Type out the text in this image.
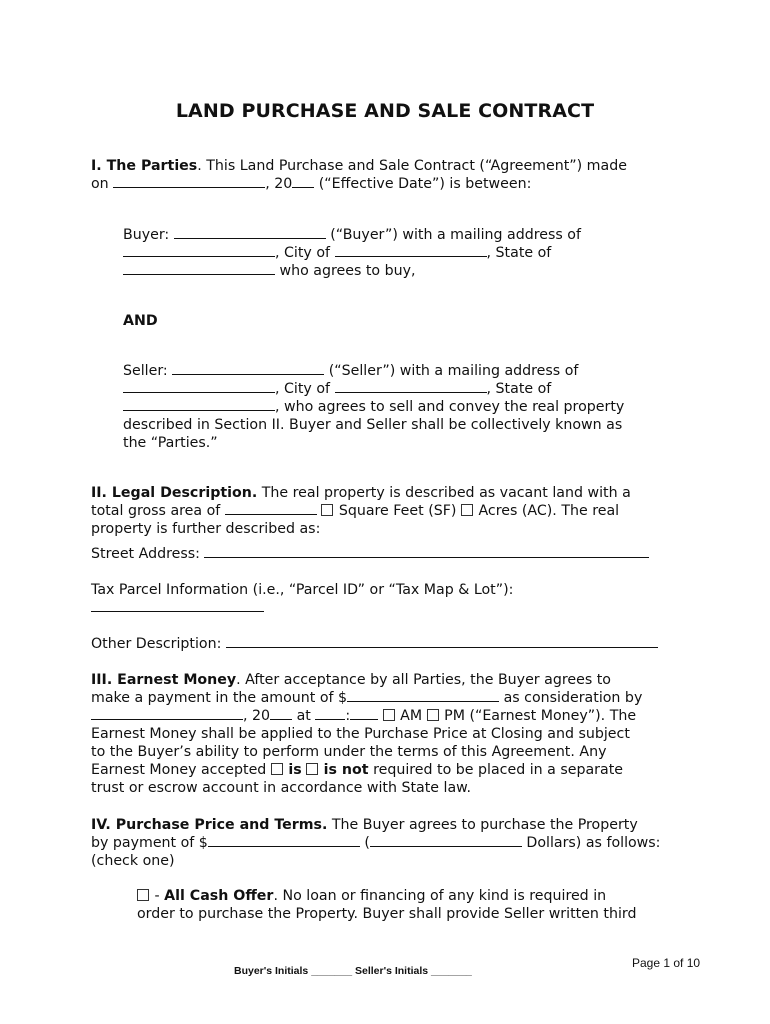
LAND PURCHASE AND SALE CONTRACT
I. The Parties. This Land Purchase and Sale Contract (“Agreement”) made
on	, 20 (“Effective Date”) is between:
Buyer:	(“Buyer”) with a mailing address of
, City of	, State of
who agrees to buy,
AND
Seller:	(“Seller”) with a mailing address of
, City of	, State of
, who agrees to sell and convey the real property
described in Section II. Buyer and Seller shall be collectively known as
the “Parties.”
II. Legal Description. The real property is described as vacant land with a
total gross area of	Square Feet (SF)  Acres (AC). The real
property is further described as:
Street Address:
Tax Parcel Information (i.e., “Parcel ID” or “Tax Map & Lot”):
Other Description:
III. Earnest Money. After acceptance by all Parties, the Buyer agrees to
make a payment in the amount of $	as consideration by
, 20 at :	AM  PM (“Earnest Money”). The
Earnest Money shall be applied to the Purchase Price at Closing and subject
to the Buyer’s ability to perform under the terms of this Agreement. Any
Earnest Money accepted  is is not required to be placed in a separate
trust or escrow account in accordance with State law.
IV. Purchase Price and Terms. The Buyer agrees to purchase the Property
by payment of $	(	Dollars) as follows:
(check one)
- All Cash Offer. No loan or financing of any kind is required in
order to purchase the Property. Buyer shall provide Seller written third
Page 1 of 10
Buyer's Initials _______ Seller's Initials _______
